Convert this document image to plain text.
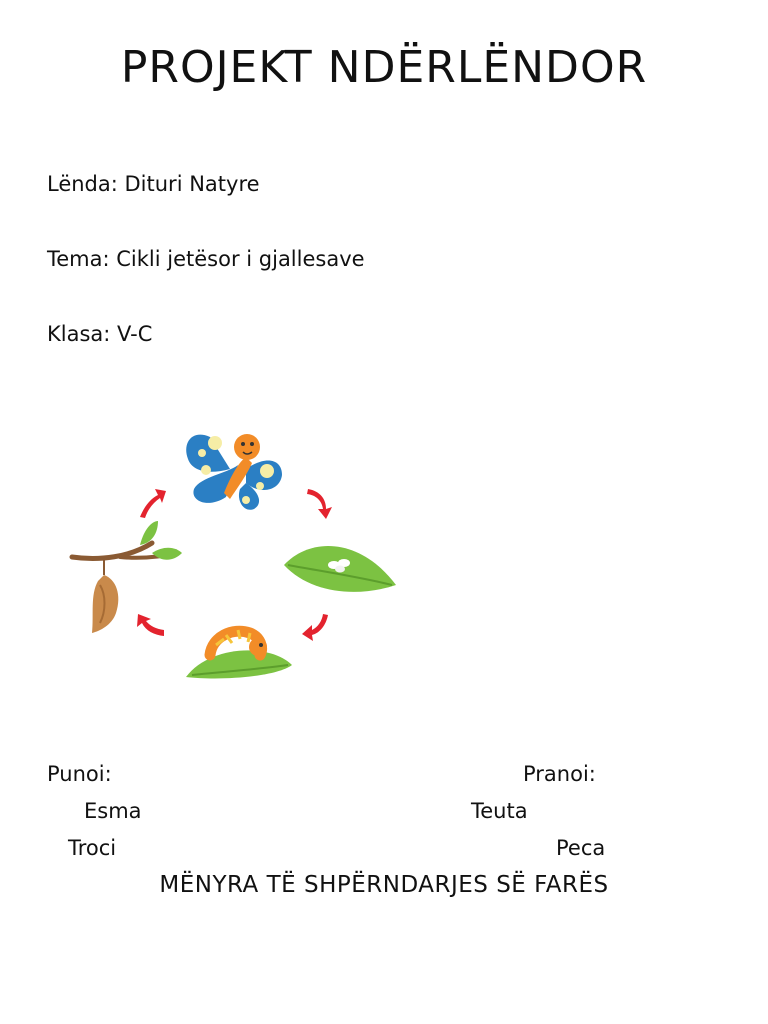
PROJEKT NDËRLËNDOR
Lënda: Dituri Natyre
Tema: Cikli jetësor i gjallesave
Klasa: V-C
Punoi:
Esma
Troci
Pranoi:
Teuta
Peca
MËNYRA TË SHPËRNDARJES SË FARËS
